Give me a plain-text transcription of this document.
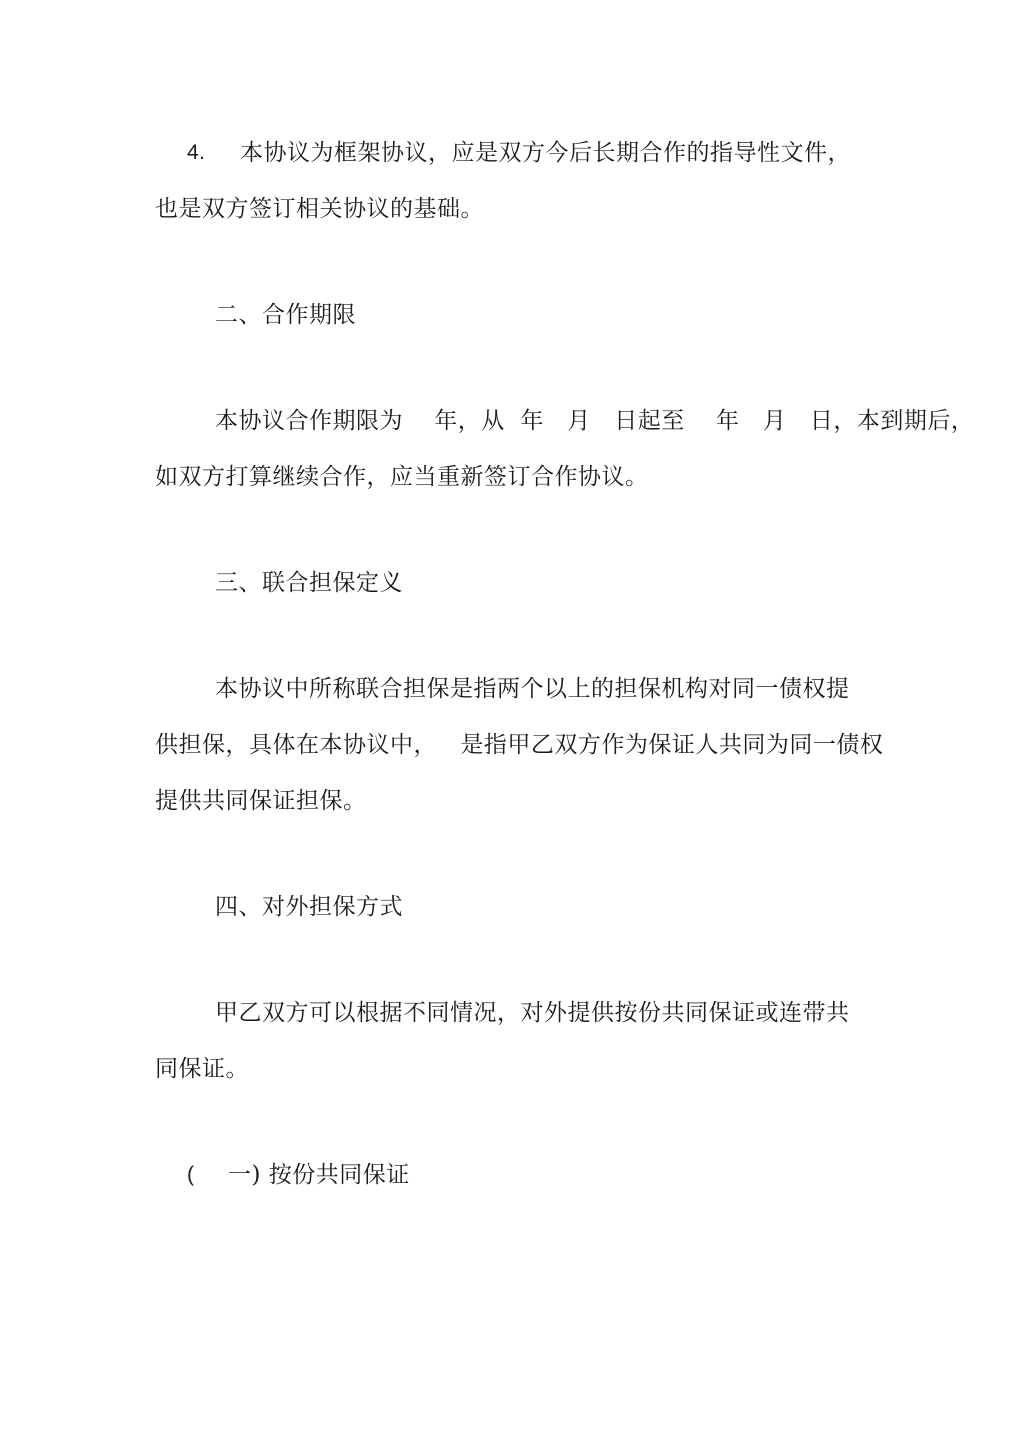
4. 本协议为框架协议，应是双方今后长期合作的指导性文件，
也是双方签订相关协议的基础。
二、合作期限
本协议合作期限为    年，从  年   月   日起至    年   月   日，本到期后，
如双方打算继续合作，应当重新签订合作协议。
三、联合担保定义
本协议中所称联合担保是指两个以上的担保机构对同一债权提
供担保，具体在本协议中，   是指甲乙双方作为保证人共同为同一债权
提供共同保证担保。
四、对外担保方式
甲乙双方可以根据不同情况，对外提供按份共同保证或连带共
同保证。
( 一) 按份共同保证
